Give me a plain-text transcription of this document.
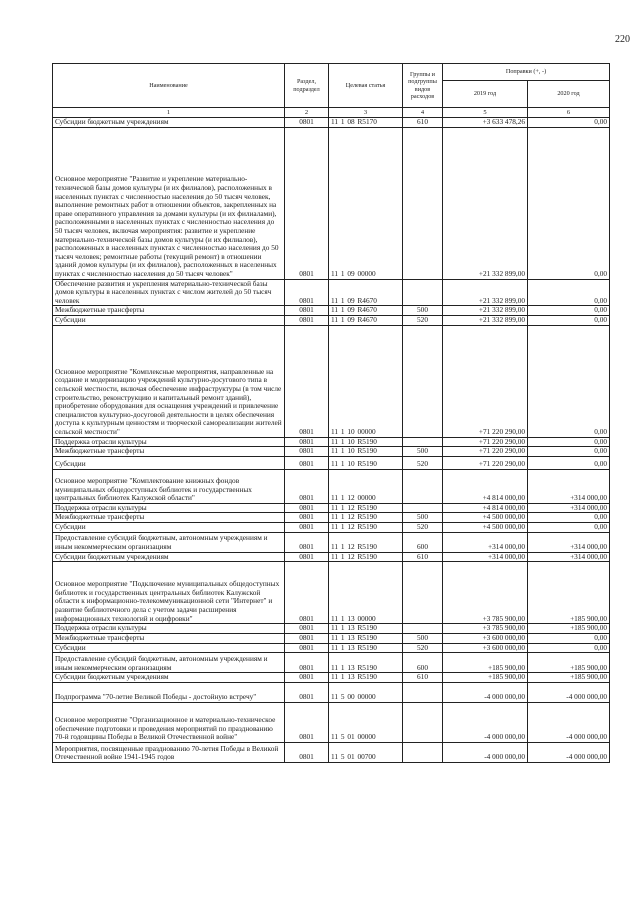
220
Наименование	Раздел, подраздел	Целевая статья	Группы и подгруппы видов расходов	Поправки (+, -)	
				2019 год	2020 год
1	2	3	4	5	6
Субсидии бюджетным учреждениям	0801	11 1 08 R5170	610	+3 633 478,26	0,00
Основное мероприятие "Развитие и укрепление материально-технической базы домов культуры (и их филиалов), расположенных в населенных пунктах с численностью населения до 50 тысяч человек, выполнение ремонтных работ в отношении объектов, закрепленных на праве оперативного управления за домами культуры (и их филиалами), расположенными в населенных пунктах с численностью населения до 50 тысяч человек, включая мероприятия: развитие и укрепление материально-технической базы домов культуры (и их филиалов), расположенных в населенных пунктах с численностью населения до 50 тысяч человек; ремонтные работы (текущий ремонт) в отношении зданий домов культуры (и их филиалов), расположенных в населенных пунктах с численностью населения до 50 тысяч человек"	0801	11 1 09 00000		+21 332 899,00	0,00
Обеспечение развития и укрепления материально-технической базы домов культуры в населенных пунктах с числом жителей до 50 тысяч человек	0801	11 1 09 R4670		+21 332 899,00	0,00
Межбюджетные трансферты	0801	11 1 09 R4670	500	+21 332 899,00	0,00
Субсидии	0801	11 1 09 R4670	520	+21 332 899,00	0,00
Основное мероприятие "Комплексные мероприятия, направленные на создание и модернизацию учреждений культурно-досугового типа в сельской местности, включая обеспечение инфраструктуры (в том числе строительство, реконструкцию и капитальный ремонт зданий), приобретение оборудования для оснащения учреждений и привлечение специалистов культурно-досуговой деятельности в целях обеспечения доступа к культурным ценностям и творческой самореализации жителей сельской местности"	0801	11 1 10 00000		+71 220 290,00	0,00
Поддержка отрасли культуры	0801	11 1 10 R5190		+71 220 290,00	0,00
Межбюджетные трансферты	0801	11 1 10 R5190	500	+71 220 290,00	0,00
Субсидии	0801	11 1 10 R5190	520	+71 220 290,00	0,00
Основное мероприятие "Комплектование книжных фондов муниципальных общедоступных библиотек и государственных центральных библиотек Калужской области"	0801	11 1 12 00000		+4 814 000,00	+314 000,00
Поддержка отрасли культуры	0801	11 1 12 R5190		+4 814 000,00	+314 000,00
Межбюджетные трансферты	0801	11 1 12 R5190	500	+4 500 000,00	0,00
Субсидии	0801	11 1 12 R5190	520	+4 500 000,00	0,00
Предоставление субсидий бюджетным, автономным учреждениям и иным некоммерческим организациям	0801	11 1 12 R5190	600	+314 000,00	+314 000,00
Субсидии бюджетным учреждениям	0801	11 1 12 R5190	610	+314 000,00	+314 000,00
Основное мероприятие "Подключение муниципальных общедоступных библиотек и государственных центральных библиотек Калужской области к информационно-телекоммуникационной сети "Интернет" и развитие библиотечного дела с учетом задачи расширения информационных технологий и оцифровки"	0801	11 1 13 00000		+3 785 900,00	+185 900,00
Поддержка отрасли культуры	0801	11 1 13 R5190		+3 785 900,00	+185 900,00
Межбюджетные трансферты	0801	11 1 13 R5190	500	+3 600 000,00	0,00
Субсидии	0801	11 1 13 R5190	520	+3 600 000,00	0,00
Предоставление субсидий бюджетным, автономным учреждениям и иным некоммерческим организациям	0801	11 1 13 R5190	600	+185 900,00	+185 900,00
Субсидии бюджетным учреждениям	0801	11 1 13 R5190	610	+185 900,00	+185 900,00
Подпрограмма "70-летие Великой Победы - достойную встречу"	0801	11 5 00 00000		-4 000 000,00	-4 000 000,00
Основное мероприятие "Организационное и материально-техническое обеспечение подготовки и проведения мероприятий по празднованию 70-й годовщины Победы в Великой Отечественной войне"	0801	11 5 01 00000		-4 000 000,00	-4 000 000,00
Мероприятия, посвященные празднованию 70-летия Победы в Великой Отечественной войне 1941-1945 годов	0801	11 5 01 00700		-4 000 000,00	-4 000 000,00
